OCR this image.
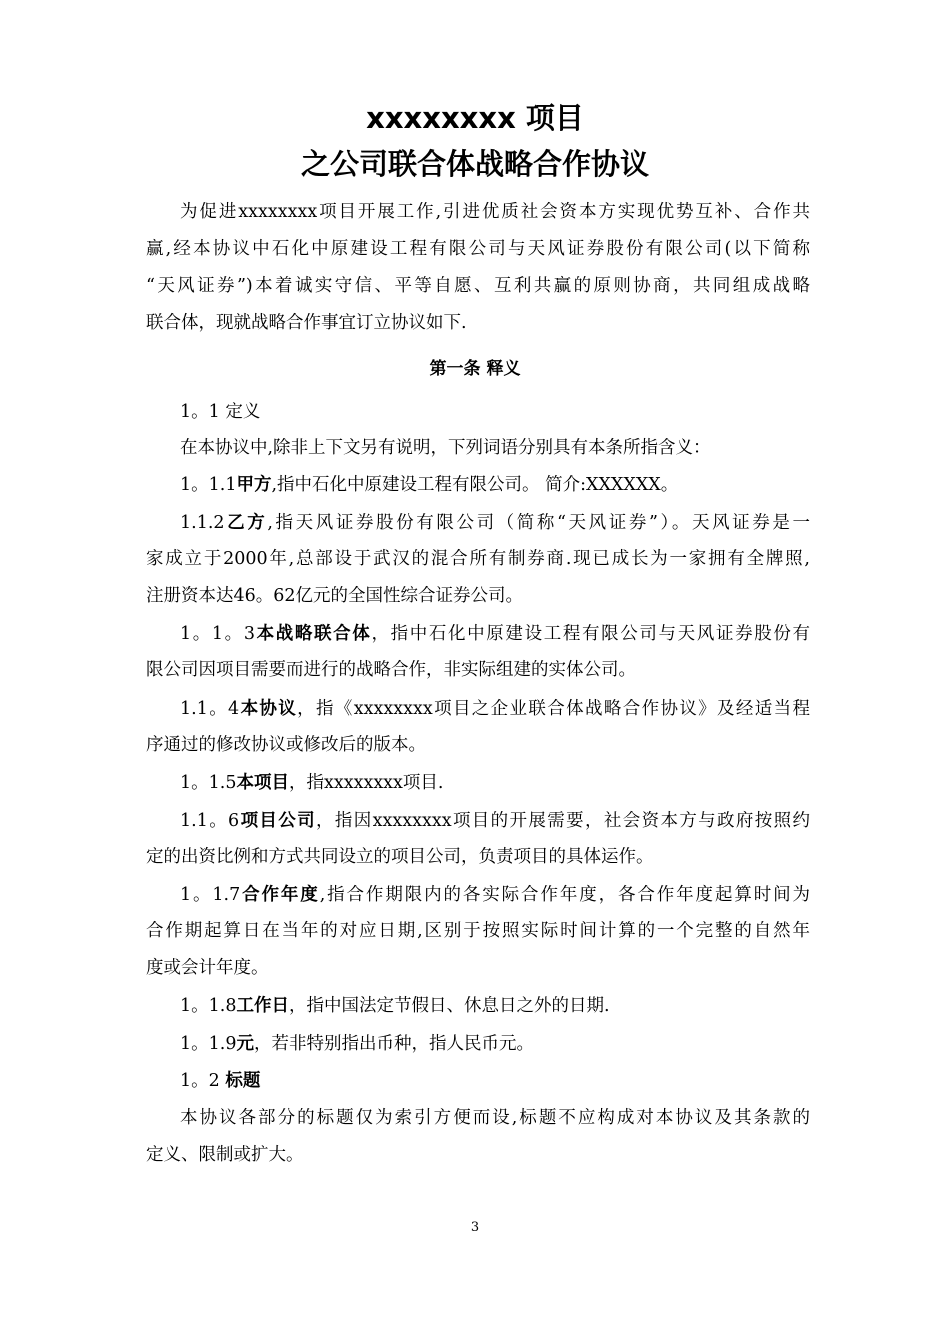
xxxxxxxx 项目
之公司联合体战略合作协议
为促进xxxxxxxx项目开展工作,引进优质社会资本方实现优势互补、合作共
赢,经本协议中石化中原建设工程有限公司与天风证券股份有限公司(以下简称
“天风证券”)本着诚实守信、平等自愿、互利共赢的原则协商，共同组成战略
联合体，现就战略合作事宜订立协议如下.
第一条 释义
1。1 定义
在本协议中,除非上下文另有说明，下列词语分别具有本条所指含义：
1。1.1甲方,指中石化中原建设工程有限公司。 简介:XXXXXX。
1.1.2乙方,指天风证券股份有限公司（简称“天风证券”）。天风证券是一
家成立于2000年,总部设于武汉的混合所有制券商.现已成长为一家拥有全牌照,
注册资本达46。62亿元的全国性综合证券公司。
1。1。3本战略联合体，指中石化中原建设工程有限公司与天风证券股份有
限公司因项目需要而进行的战略合作，非实际组建的实体公司。
1.1。4本协议，指《xxxxxxxx项目之企业联合体战略合作协议》及经适当程
序通过的修改协议或修改后的版本。
1。1.5本项目，指xxxxxxxx项目.
1.1。6项目公司，指因xxxxxxxx项目的开展需要，社会资本方与政府按照约
定的出资比例和方式共同设立的项目公司，负责项目的具体运作。
1。1.7合作年度,指合作期限内的各实际合作年度，各合作年度起算时间为
合作期起算日在当年的对应日期,区别于按照实际时间计算的一个完整的自然年
度或会计年度。
1。1.8工作日，指中国法定节假日、休息日之外的日期.
1。1.9元，若非特别指出币种，指人民币元。
1。2 标题
本协议各部分的标题仅为索引方便而设,标题不应构成对本协议及其条款的
定义、限制或扩大。
3
